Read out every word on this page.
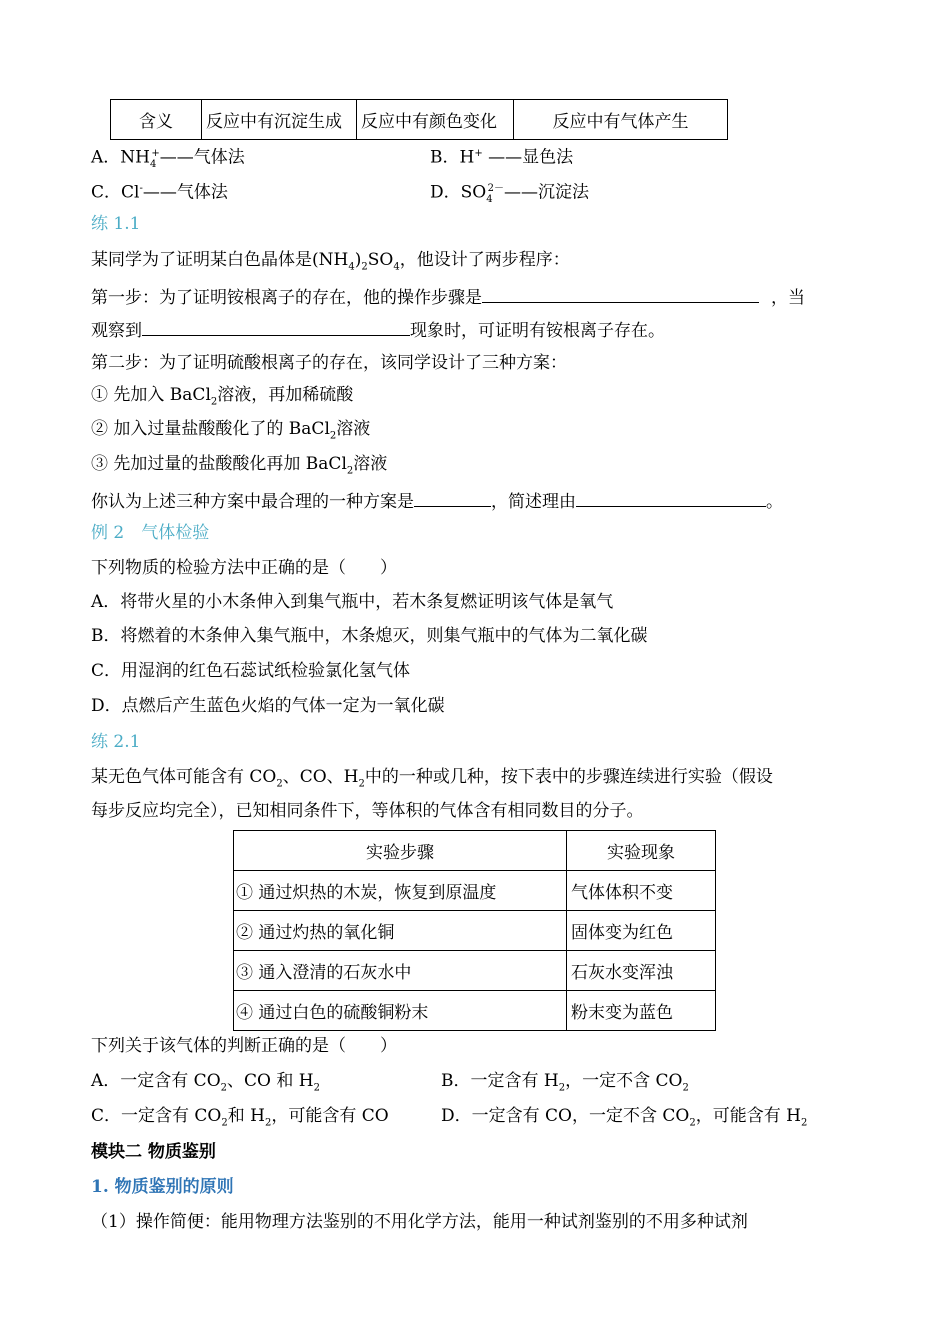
含义	反应中有沉淀生成	反应中有颜色变化	反应中有气体产生
A．$NH_4^+——$气体法	B．H+ ——显色法
C．Cl-——气体法	D．$SO_4^{2-}——$沉淀法
练 1.1
某同学为了证明某白色晶体是$(NH_4)_2SO_4$，他设计了两步程序：
第一步：为了证明铵根离子的存在，他的操作步骤是	，当
观察到	现象时，可证明有铵根离子存在。
第二步：为了证明硫酸根离子的存在，该同学设计了三种方案：
① 先加入 BaCl$_2$溶液，再加稀硫酸
② 加入过量盐酸酸化了的 BaCl$_2$溶液
③ 先加过量的盐酸酸化再加 BaCl$_2$溶液
你认为上述三种方案中最合理的一种方案是	，简述理由	。
例 2　气体检验
下列物质的检验方法中正确的是（　　）
A．将带火星的小木条伸入到集气瓶中，若木条复燃证明该气体是氧气
B．将燃着的木条伸入集气瓶中，木条熄灭，则集气瓶中的气体为二氧化碳
C．用湿润的红色石蕊试纸检验氯化氢气体
D．点燃后产生蓝色火焰的气体一定为一氧化碳
练 2.1
某无色气体可能含有 $CO_2$、CO、$H_2$中的一种或几种，按下表中的步骤连续进行实验（假设
每步反应均完全），已知相同条件下，等体积的气体含有相同数目的分子。
实验步骤	实验现象
① 通过炽热的木炭，恢复到原温度	气体体积不变
② 通过灼热的氧化铜	固体变为红色
③ 通入澄清的石灰水中	石灰水变浑浊
④ 通过白色的硫酸铜粉末	粉末变为蓝色
下列关于该气体的判断正确的是（　　）
A．一定含有 $CO_2$、CO 和 $H_2$	B．一定含有 $H_2$，一定不含 $CO_2$
C．一定含有 $CO_2$和 $H_2$，可能含有 CO	D．一定含有 CO，一定不含 $CO_2$，可能含有 $H_2$
模块二 物质鉴别
1. 物质鉴别的原则
（1）操作简便：能用物理方法鉴别的不用化学方法，能用一种试剂鉴别的不用多种试剂
